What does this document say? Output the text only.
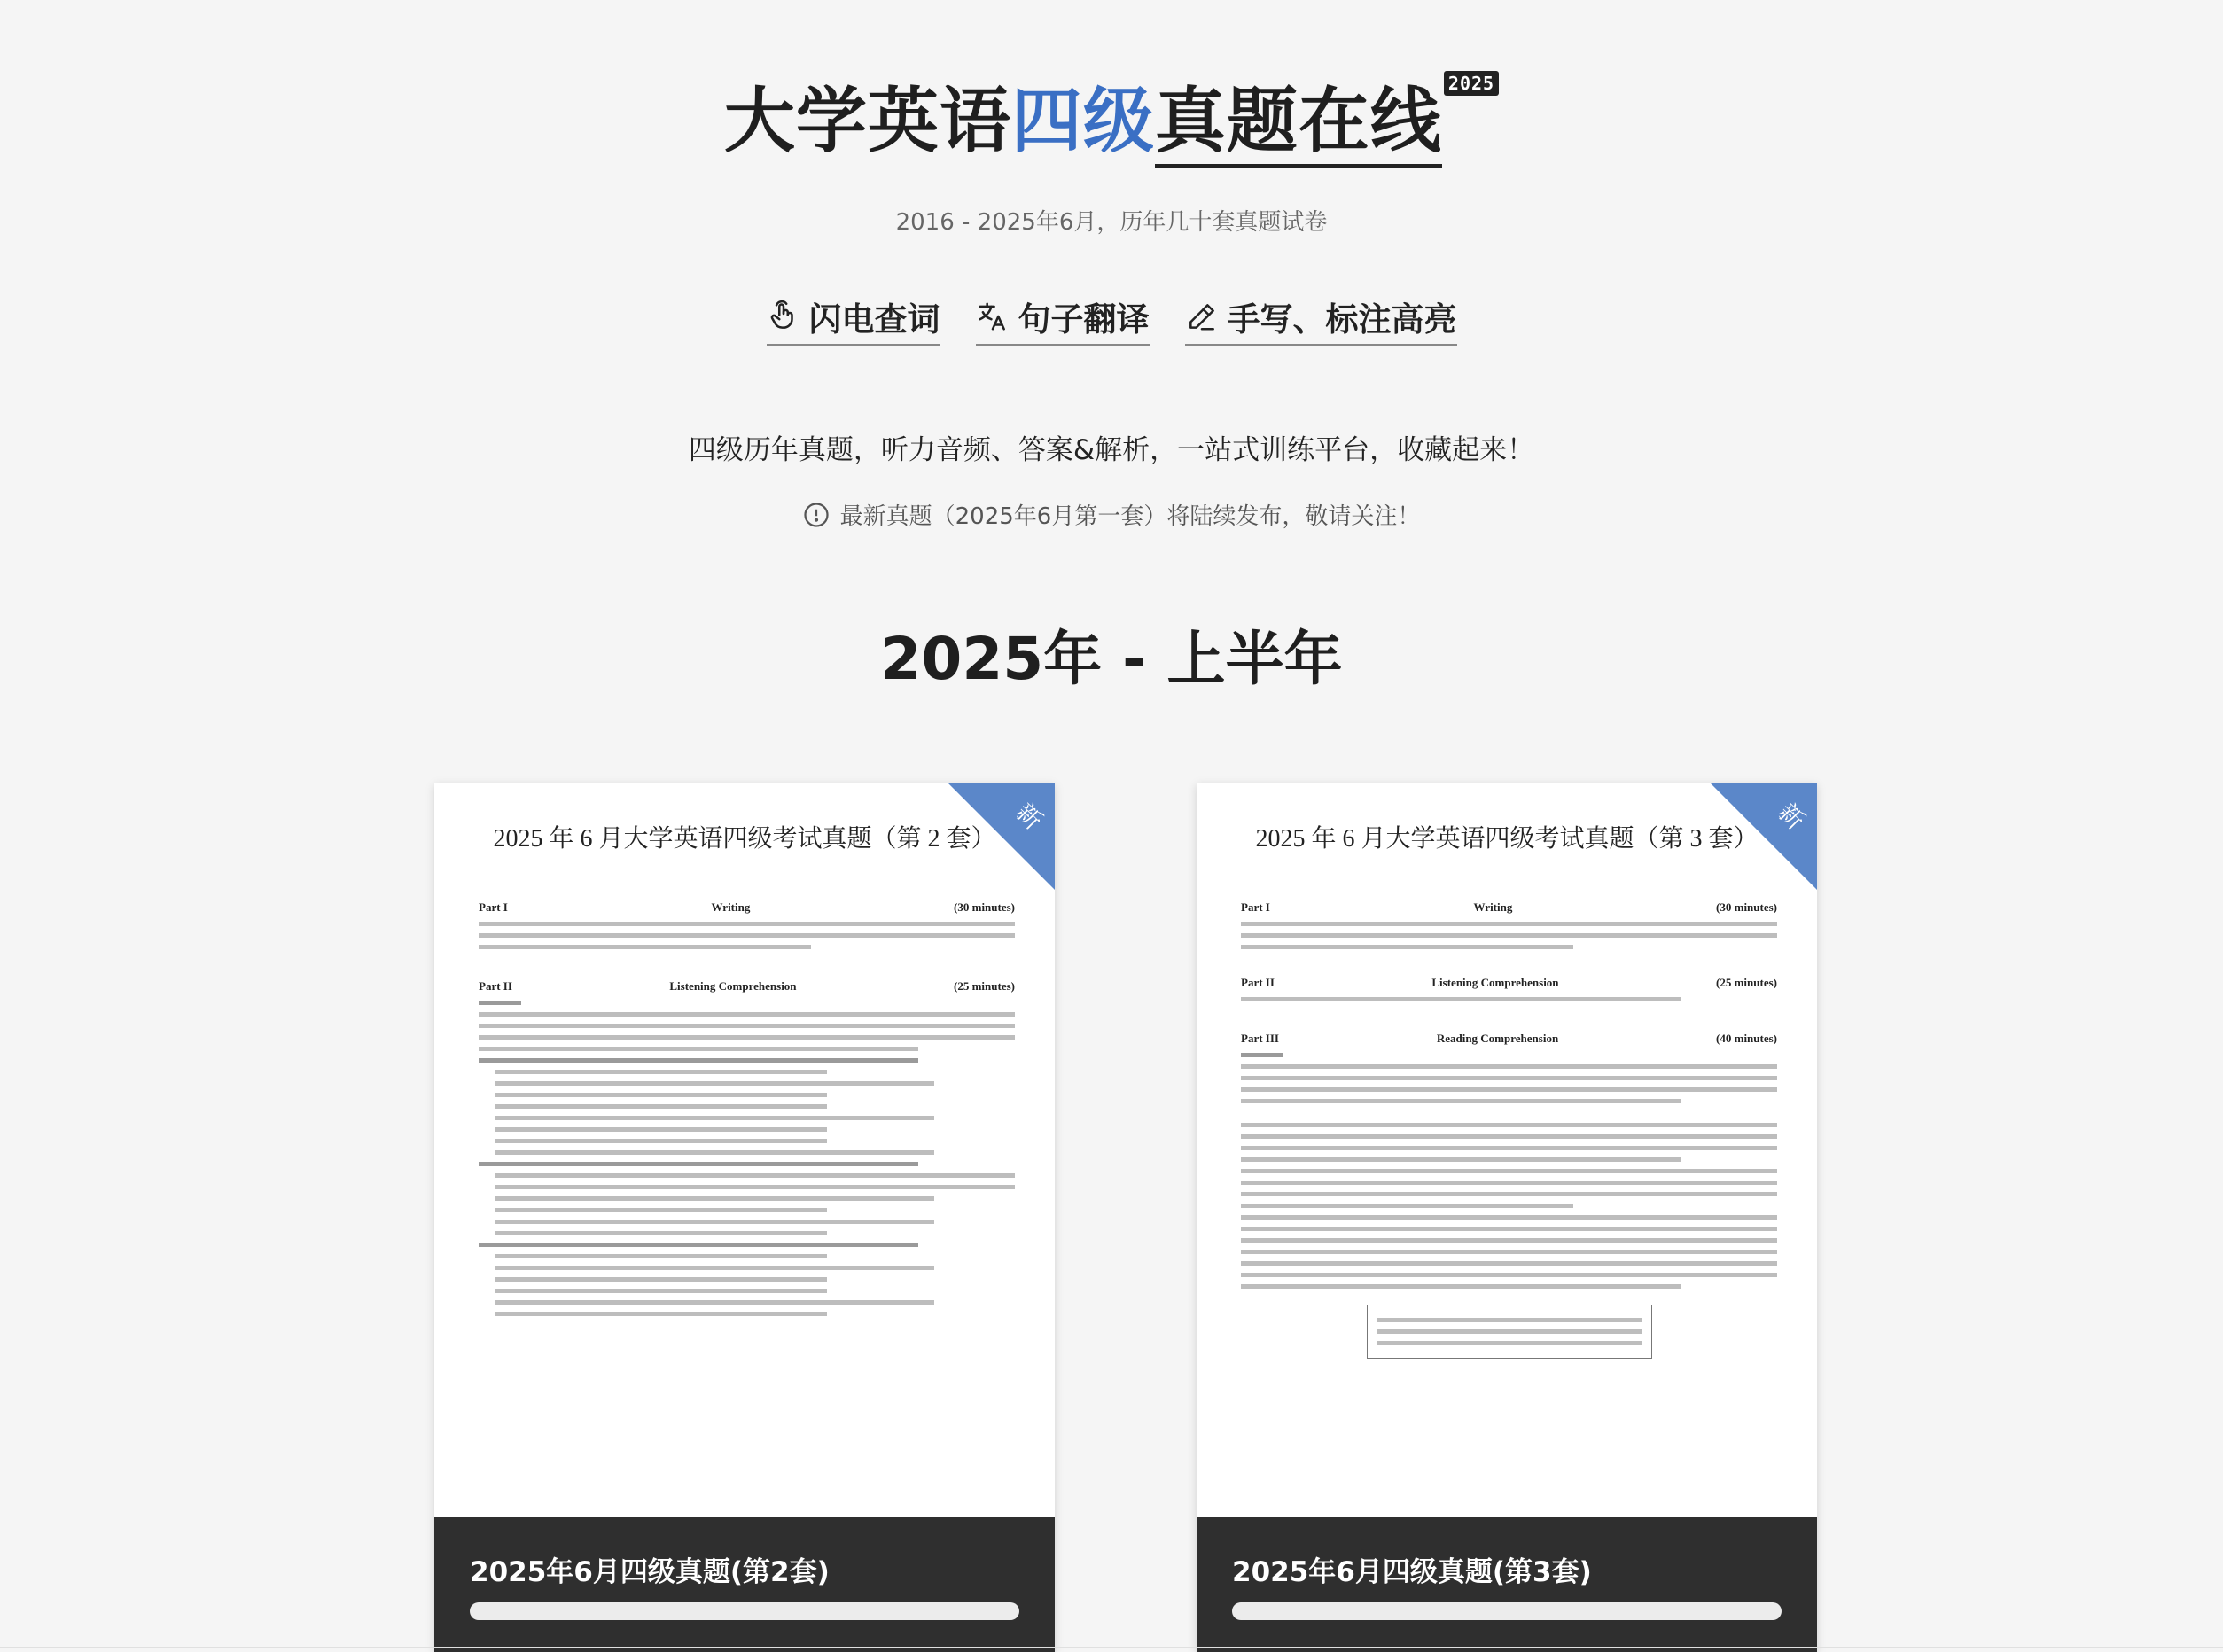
大学英语四级真题在线 2025
2016 - 2025年6月，历年几十套真题试卷
闪电查词 句子翻译 手写、标注高亮
四级历年真题，听力音频、答案&解析，一站式训练平台，收藏起来！
最新真题（2025年6月第一套）将陆续发布，敬请关注！
2025年 - 上半年
2025 年 6 月大学英语四级考试真题（第 2 套）
Part I	Writing	(30 minutes)
Part II	Listening Comprehension	(25 minutes)
新
2025年6月四级真题(第2套)
2025 年 6 月大学英语四级考试真题（第 3 套）
Part I	Writing	(30 minutes)
Part II	Listening Comprehension	(25 minutes)
Part III	Reading Comprehension	(40 minutes)
新
2025年6月四级真题(第3套)
